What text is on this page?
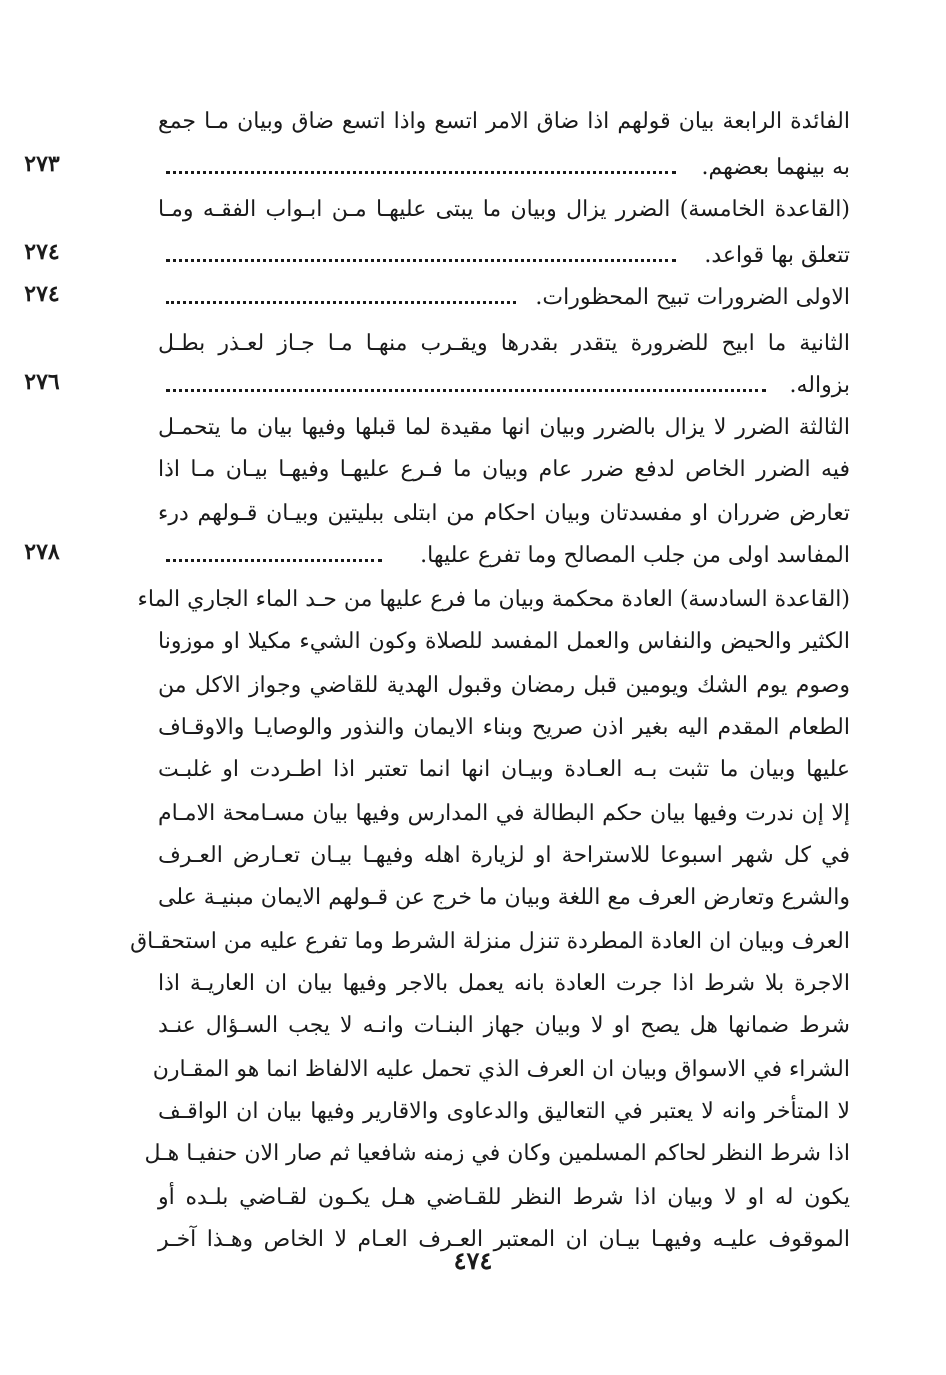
٤٧٤
الفائدة الرابعة بيان قولهم اذا ضاق الامر اتسع واذا اتسع ضاق وبيان مـا جمع
به بينهما بعضهم.
٢٧٣
(القاعدة الخامسة) الضرر يزال وبيان ما يبتى عليهـا مـن ابـواب الفقـه ومـا
تتعلق بها قواعد.
٢٧٤
الاولى الضرورات تبيح المحظورات.
٢٧٤
الثانية ما ابيح للضرورة يتقدر بقدرها ويقـرب منهـا مـا جـاز لعـذر بطـل
بزواله.
٢٧٦
الثالثة الضرر لا يزال بالضرر وبيان انها مقيدة لما قبلها وفيها بيان ما يتحمـل
فيه الضرر الخاص لدفع ضرر عام وبيان ما فـرع عليهـا وفيهـا بيـان مـا اذا
تعارض ضرران او مفسدتان وبيان احكام من ابتلى ببليتين وبيـان قـولهم درء
المفاسد اولى من جلب المصالح وما تفرع عليها.
٢٧٨
(القاعدة السادسة) العادة محكمة وبيان ما فرع عليها من حـد الماء الجاري الماء
الكثير والحيض والنفاس والعمل المفسد للصلاة وكون الشيء مكيلا او موزونا
وصوم يوم الشك ويومين قبل رمضان وقبول الهدية للقاضي وجواز الاكل من
الطعام المقدم اليه بغير اذن صريح وبناء الايمان والنذور والوصايـا والاوقـاف
عليها وبيان ما تثبت بـه العـادة وبيـان انها انما تعتبر اذا اطـردت او غلبـت
إلا إن ندرت وفيها بيان حكم البطالة في المدارس وفيها بيان مسـامحة الامـام
في كل شهر اسبوعا للاستراحة او لزيارة اهله وفيهـا بيـان تعـارض العـرف
والشرع وتعارض العرف مع اللغة وبيان ما خرج عن قـولهم الايمان مبنيـة على
العرف وبيان ان العادة المطردة تنزل منزلة الشرط وما تفرع عليه من استحقـاق
الاجرة بلا شرط اذا جرت العادة بانه يعمل بالاجر وفيها بيان ان العاريـة اذا
شرط ضمانها هل يصح او لا وبيان جهاز البنـات وانـه لا يجب السـؤال عنـد
الشراء في الاسواق وبيان ان العرف الذي تحمل عليه الالفاظ انما هو المقـارن
لا المتأخر وانه لا يعتبر في التعاليق والدعاوى والاقارير وفيها بيان ان الواقـف
اذا شرط النظر لحاكم المسلمين وكان في زمنه شافعيا ثم صار الان حنفيـا هـل
يكون له او لا وبيان اذا شرط النظر للقـاضي هـل يكـون لقـاضي بلـده أو
الموقوف عليـه وفيهـا بيـان ان المعتبر العـرف العـام لا الخاص وهـذا آخـر
